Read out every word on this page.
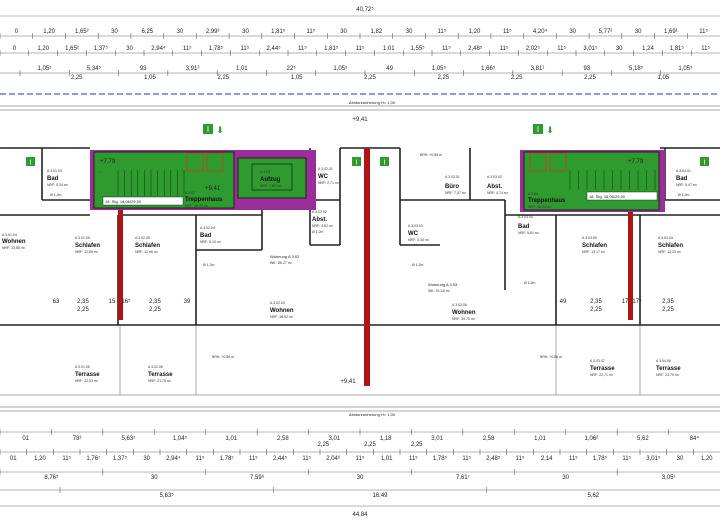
40,72⁵
0	1,20	1,65²	30	6,25	30	2,99²	30	1,81⁵	11⁵	30	1,82	30	11⁵	1,20	11⁵	4,20⁴	30	5,77²	30	1,69¹	11⁵
0	1,20	1,65² 1,37⁵	30	2,94⁴	11⁵	1,78⁵	11⁵	2,44⁵	11⁵	1,81⁵	11⁵	1,01	1,55⁵	11⁵	2,48⁵	11⁵	2,02⁵	11⁵	3,01⁵	30	1,24	1,81⁵	11⁵
1,05⁵	5,34⁵	93	3,91²	1,01	22⁵	1,05⁵	49	1,05⁵	1,66⁵	3,81¹	93	5,18⁵	1,05⁵
2,25	1,05	2,25	1,05	2,25	2,25	2,25	2,25	1,05
Absturzsicherung H= 1,00
+9,41
+7,79
+9,41
18. Stg. 18,06/29,00
A 3.02
Treppenhaus
NRF: 16,29 m²
A 3.03
Aufzug
NRF: 7,82 m²
+7,79
18. Stg. 18,06/29,00
A 3.04
Treppenhaus
NRF: 15,24 m²
I ⬇	I ⬇
I	I	I	I
A 3.01.03
Bad
NRF: 5,34 m²
Ø 1,2m
A 3.01.04
Wohnen
NRF: 33,85 m²
A 3.01.05
Schlafen
NRF: 12,89 m²
A 3.02.05
Schlafen
NRF: 12,96 m²
A 3.02.01
WC
NRF: 2,71 m²
A 3.02.04
Bad
NRF: 5,10 m²
Ø 1,2m
A 3.02.02
Abst.
NRF: 4,82 m²
Ø 1,2m
Wohnung A 3.02
Wfl.: 86,27 m²
A 3.02.03
Wohnen
NRF: 38,92 m²
A 3.01.06
Terrasse
NRF: 22,03 m²
A 3.02.06
Terrasse
NRF: 21,75 m²
A 3.03.01
Büro
NRF: 7,57 m²
A 3.03.02
Abst.
NRF: 4,74 m²
A 3.03.03
WC
NRF: 3,34 m²
Ø 1,2m
A 3.03.04
Bad
NRF: 5,81 m²
Ø 1,2m
A 3.03.05
Schlafen
NRF: 13,17 m²
Wohnung A 3.03
Wfl.: 91,16 m²
A 3.03.06
Wohnen
NRF: 39,70 m²
A 3.04.01
Bad
NRF: 5,47 m²
Ø 1,2m
A 3.04.04
Schlafen
NRF: 12,23 m²
A 3.03.07
Terrasse
NRF: 22,71 m²
A 3.04.06
Terrasse
NRF: 23,79 m²
2,35
2,25
15 16⁵	2,35
2,25
39
63	2,35
2,25
17 17⁵	2,35
2,25
49
BRH: +0,86 m
BRH: +0,86 m	BRH: +0,86 m
+9,41
Absturzsicherung H= 1,00
01	78³	5,63⁵	1,04⁵	1,01	2,58	3,01	1,18	3,01	2,58	1,01	1,06²	5,62	84⁴
2,25	2,25	2,25
01	1,20	11⁵	1,76⁷ 1,37⁵	30	2,94⁴	11⁵	1,78⁵	11⁵	2,44⁵	11⁵	2,04⁶	11⁵	1,01	11⁵	1,78⁵	11⁵	2,48⁵	11⁵	2,14	11⁵	1,78⁵	11⁵	3,01⁵	30	1,20
8,76⁵	30	7,59⁶	30	7,61⁷	30	3,05¹
5,63⁵	16,49	5,62
44,84
